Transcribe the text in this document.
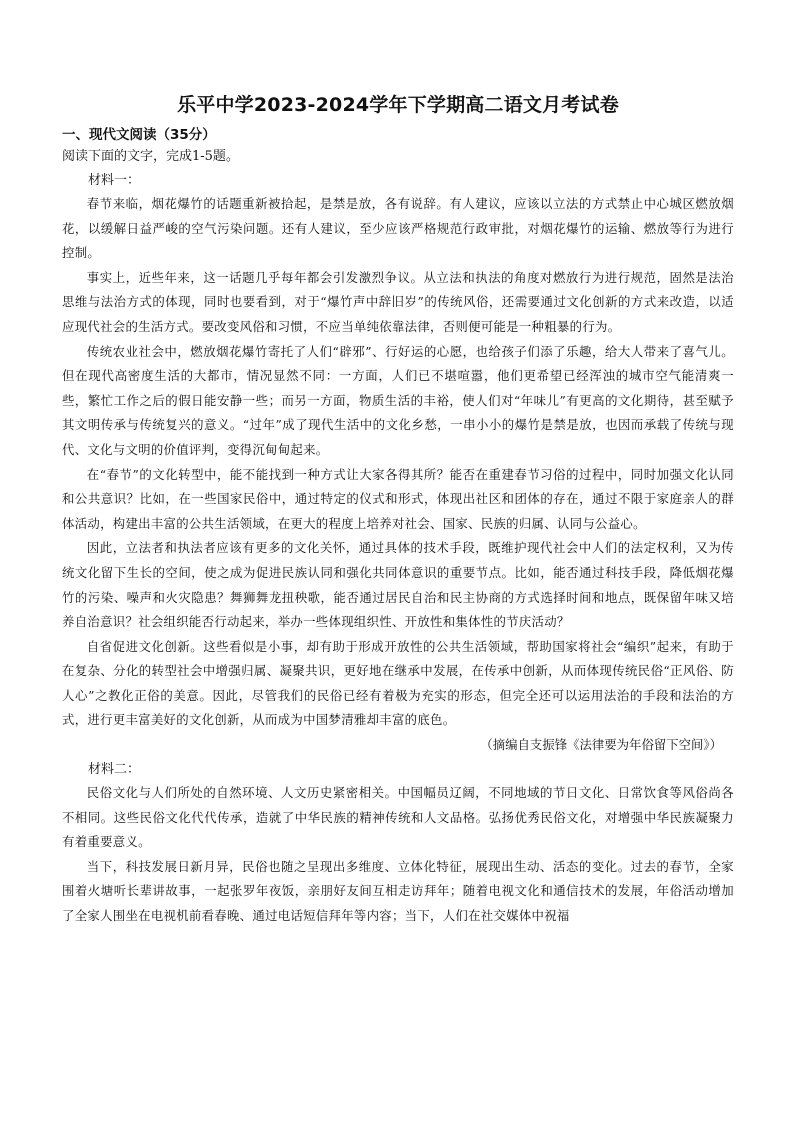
乐平中学2023-2024学年下学期高二语文月考试卷

一、现代文阅读（35分）

阅读下面的文字，完成1-5题。

材料一：

春节来临，烟花爆竹的话题重新被拾起，是禁是放，各有说辞。有人建议，应该以立法的方式禁止中心城区燃放烟花，以缓解日益严峻的空气污染问题。还有人建议，至少应该严格规范行政审批，对烟花爆竹的运输、燃放等行为进行控制。

事实上，近些年来，这一话题几乎每年都会引发激烈争议。从立法和执法的角度对燃放行为进行规范，固然是法治思维与法治方式的体现，同时也要看到，对于“爆竹声中辞旧岁”的传统风俗，还需要通过文化创新的方式来改造，以适应现代社会的生活方式。要改变风俗和习惯，不应当单纯依靠法律，否则便可能是一种粗暴的行为。

传统农业社会中，燃放烟花爆竹寄托了人们“辟邪”、行好运的心愿，也给孩子们添了乐趣，给大人带来了喜气儿。但在现代高密度生活的大都市，情况显然不同：一方面，人们已不堪喧嚣，他们更希望已经浑浊的城市空气能清爽一些，繁忙工作之后的假日能安静一些；而另一方面，物质生活的丰裕，使人们对“年味儿”有更高的文化期待，甚至赋予其文明传承与传统复兴的意义。“过年”成了现代生活中的文化乡愁，一串小小的爆竹是禁是放，也因而承载了传统与现代、文化与文明的价值评判，变得沉甸甸起来。

在“春节”的文化转型中，能不能找到一种方式让大家各得其所？能否在重建春节习俗的过程中，同时加强文化认同和公共意识？比如，在一些国家民俗中，通过特定的仪式和形式，体现出社区和团体的存在，通过不限于家庭亲人的群体活动，构建出丰富的公共生活领域，在更大的程度上培养对社会、国家、民族的归属、认同与公益心。

因此，立法者和执法者应该有更多的文化关怀，通过具体的技术手段，既维护现代社会中人们的法定权利，又为传统文化留下生长的空间，使之成为促进民族认同和强化共同体意识的重要节点。比如，能否通过科技手段，降低烟花爆竹的污染、噪声和火灾隐患？舞狮舞龙扭秧歌，能否通过居民自治和民主协商的方式选择时间和地点，既保留年味又培养自治意识？社会组织能否行动起来，举办一些体现组织性、开放性和集体性的节庆活动？

自省促进文化创新。这些看似是小事，却有助于形成开放性的公共生活领域，帮助国家将社会“编织”起来，有助于在复杂、分化的转型社会中增强归属、凝聚共识，更好地在继承中发展，在传承中创新，从而体现传统民俗“正风俗、防人心”之教化正俗的美意。因此，尽管我们的民俗已经有着极为充实的形态，但完全还可以运用法治的手段和法治的方式，进行更丰富美好的文化创新，从而成为中国梦清雅却丰富的底色。

（摘编自支振锋《法律要为年俗留下空间》）

材料二：

民俗文化与人们所处的自然环境、人文历史紧密相关。中国幅员辽阔，不同地域的节日文化、日常饮食等风俗尚各不相同。这些民俗文化代代传承，造就了中华民族的精神传统和人文品格。弘扬优秀民俗文化，对增强中华民族凝聚力有着重要意义。

当下，科技发展日新月异，民俗也随之呈现出多维度、立体化特征，展现出生动、活态的变化。过去的春节，全家围着火塘听长辈讲故事，一起张罗年夜饭，亲朋好友间互相走访拜年；随着电视文化和通信技术的发展，年俗活动增加了全家人围坐在电视机前看春晚、通过电话短信拜年等内容；当下，人们在社交媒体中祝福
